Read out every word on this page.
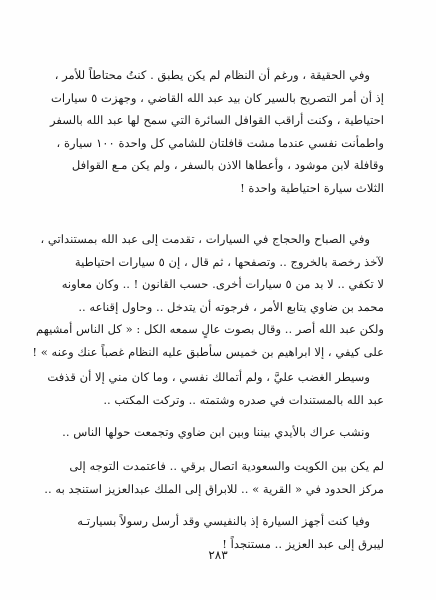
وفي الحقيقة ، ورغم أن النظام لم يكن يطبق . كنتُ محتاطاً للأمر ،
إذ أن أمر التصريح بالسير كان بيد عبد الله القاضي ، وجهزت ٥ سيارات
احتياطية ، وكنت أراقب القوافل السائرة التي سمح لها عبد الله بالسفر
واطمأنت نفسي عندما مشت قافلتان للشامي كل واحدة ١٠٠ سيارة ،
وقافلة لابن موشود ، وأعطاها الاذن بالسفر ، ولم يكن مـع القوافل
الثلاث سيارة احتياطية واحدة !
وفي الصباح والحجاج في السيارات ، تقدمت إلى عبد الله بمستنداتي ،
لآخذ رخصة بالخروج .. وتصفحها ، ثم قال ، إن ٥ سيارات احتياطية
لا تكفي .. لا بد من ٥ سيارات أخرى. حسب القانون ! .. وكان معاونه
محمد بن ضاوي يتابع الأمر ، فرجوته أن يتدخل .. وحاول إقناعه ..
ولكن عبد الله أصر .. وقال بصوت عالٍ سمعه الكل : « كل الناس أمشيهم
على كيفي ، إلا ابراهيم بن خميس سأطبق عليه النظام غصباً عنك وعنه » !
وسيطر الغضب عليَّ ، ولم أتمالك نفسي ، وما كان مني إلا أن قذفت
عبد الله بالمستندات في صدره وشتمته .. وتركت المكتب ..
ونشب عراك بالأيدي بيننا وبين ابن ضاوي وتجمعت حولها الناس ..
لم يكن بين الكويت والسعودية اتصال برقي .. فاعتمدت التوجه إلى
مركز الحدود في « القرية » .. للابراق إلى الملك عبدالعزيز استنجد به ..
وفيا كنت أجهز السيارة إذ بالنفيسي وقد أرسل رسولاً بسيارتـه
ليبرق إلى عبد العزيز .. مستنجداً !
٢٨٣
